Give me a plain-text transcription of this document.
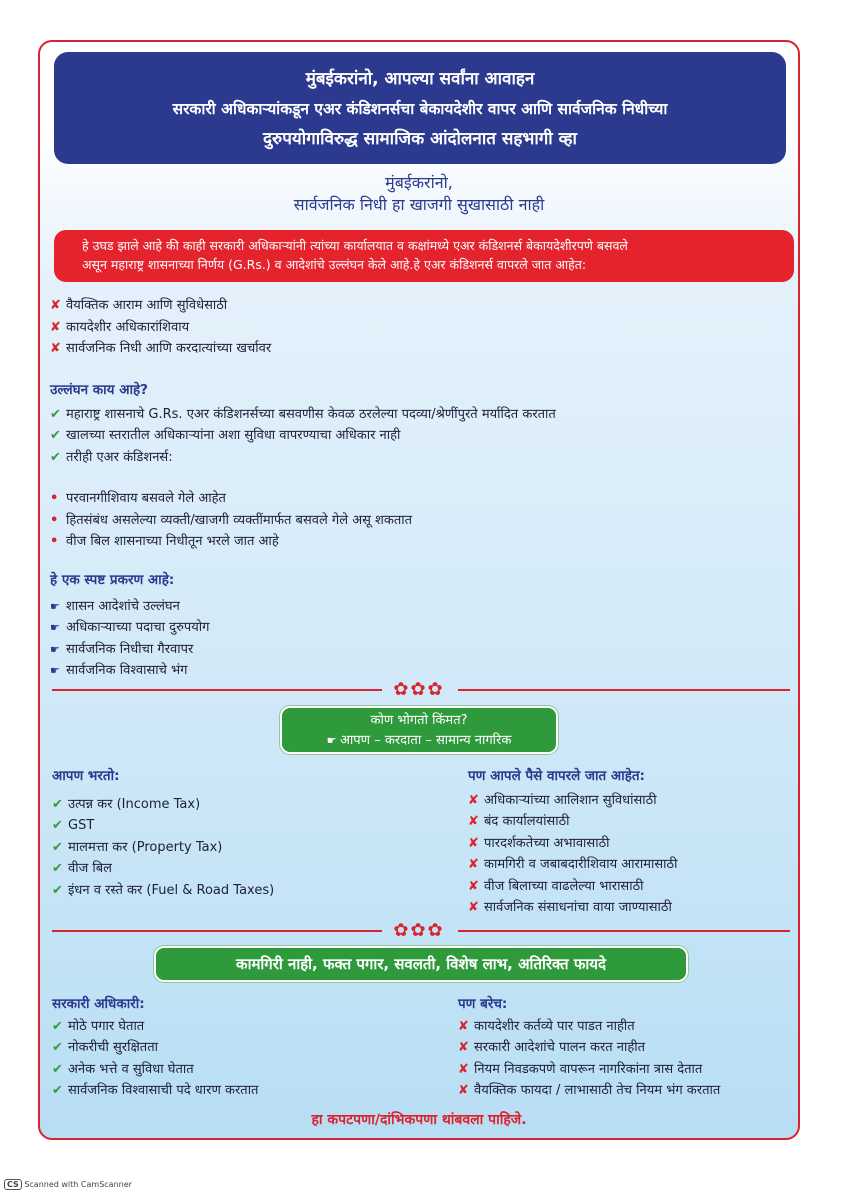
मुंबईकरांनो, आपल्या सर्वांना आवाहन
सरकारी अधिकाऱ्यांकडून एअर कंडिशनर्सचा बेकायदेशीर वापर आणि सार्वजनिक निधीच्या
दुरुपयोगाविरुद्ध सामाजिक आंदोलनात सहभागी व्हा
मुंबईकरांनो,
सार्वजनिक निधी हा खाजगी सुखासाठी नाही
हे उघड झाले आहे की काही सरकारी अधिकाऱ्यांनी त्यांच्या कार्यालयात व कक्षांमध्ये एअर कंडिशनर्स बेकायदेशीरपणे बसवले
असून महाराष्ट्र शासनाच्या निर्णय (G.Rs.) व आदेशांचे उल्लंघन केले आहे.हे एअर कंडिशनर्स वापरले जात आहेत:
✘ वैयक्तिक आराम आणि सुविधेसाठी
✘ कायदेशीर अधिकारांशिवाय
✘ सार्वजनिक निधी आणि करदात्यांच्या खर्चावर
उल्लंघन काय आहे?
✔ महाराष्ट्र शासनाचे G.Rs. एअर कंडिशनर्सच्या बसवणीस केवळ ठरलेल्या पदव्या/श्रेणींपुरते मर्यादित करतात
✔ खालच्या स्तरातील अधिकाऱ्यांना अशा सुविधा वापरण्याचा अधिकार नाही
✔ तरीही एअर कंडिशनर्स:
• परवानगीशिवाय बसवले गेले आहेत
• हितसंबंध असलेल्या व्यक्ती/खाजगी व्यक्तींमार्फत बसवले गेले असू शकतात
• वीज बिल शासनाच्या निधीतून भरले जात आहे
हे एक स्पष्ट प्रकरण आहे:
☛ शासन आदेशांचे उल्लंघन
☛ अधिकाऱ्याच्या पदाचा दुरुपयोग
☛ सार्वजनिक निधीचा गैरवापर
☛ सार्वजनिक विश्वासाचे भंग
✿✿✿
कोण भोगतो किंमत?
☛ आपण – करदाता – सामान्य नागरिक
आपण भरतो:
✔ उत्पन्न कर (Income Tax)
✔ GST
✔ मालमत्ता कर (Property Tax)
✔ वीज बिल
✔ इंधन व रस्ते कर (Fuel & Road Taxes)
पण आपले पैसे वापरले जात आहेत:
✘ अधिकाऱ्यांच्या आलिशान सुविधांसाठी
✘ बंद कार्यालयांसाठी
✘ पारदर्शकतेच्या अभावासाठी
✘ कामगिरी व जबाबदारीशिवाय आरामासाठी
✘ वीज बिलाच्या वाढलेल्या भारासाठी
✘ सार्वजनिक संसाधनांचा वाया जाण्यासाठी
✿✿✿
कामगिरी नाही, फक्त पगार, सवलती, विशेष लाभ, अतिरिक्त फायदे
सरकारी अधिकारी:
✔ मोठे पगार घेतात
✔ नोकरीची सुरक्षितता
✔ अनेक भत्ते व सुविधा घेतात
✔ सार्वजनिक विश्वासाची पदे धारण करतात
पण बरेच:
✘ कायदेशीर कर्तव्ये पार पाडत नाहीत
✘ सरकारी आदेशांचे पालन करत नाहीत
✘ नियम निवडकपणे वापरून नागरिकांना त्रास देतात
✘ वैयक्तिक फायदा / लाभासाठी तेच नियम भंग करतात
हा कपटपणा/दांभिकपणा थांबवला पाहिजे.
CS Scanned with CamScanner
